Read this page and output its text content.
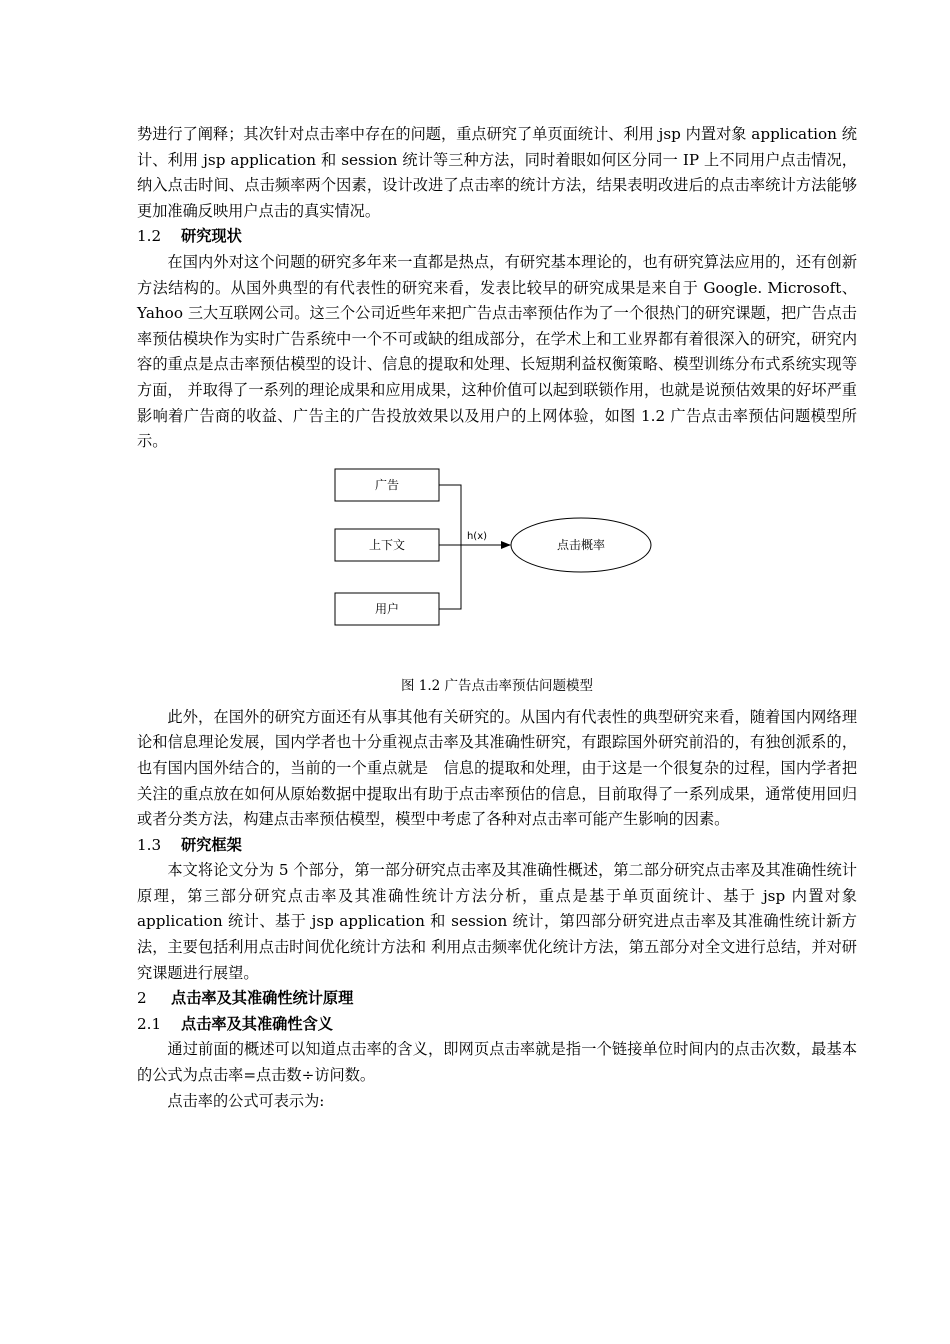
势进行了阐释；其次针对点击率中存在的问题，重点研究了单页面统计、利用 jsp 内置对象 application 统计、利用 jsp application 和 session 统计等三种方法，同时着眼如何区分同一 IP 上不同用户点击情况，纳入点击时间、点击频率两个因素，设计改进了点击率的统计方法，结果表明改进后的点击率统计方法能够更加准确反映用户点击的真实情况。

1.2 研究现状

在国内外对这个问题的研究多年来一直都是热点，有研究基本理论的，也有研究算法应用的，还有创新方法结构的。从国外典型的有代表性的研究来看，发表比较早的研究成果是来自于 Google. Microsoft、Yahoo 三大互联网公司。这三个公司近些年来把广告点击率预估作为了一个很热门的研究课题，把广告点击率预估模块作为实时广告系统中一个不可或缺的组成部分，在学术上和工业界都有着很深入的研究，研究内容的重点是点击率预估模型的设计、信息的提取和处理、长短期利益权衡策略、模型训练分布式系统实现等方面， 并取得了一系列的理论成果和应用成果，这种价值可以起到联锁作用，也就是说预估效果的好坏严重影响着广告商的收益、广告主的广告投放效果以及用户的上网体验，如图 1.2 广告点击率预估问题模型所示。

广告
上下文
用户
点击概率
h(x)

图 1.2 广告点击率预估问题模型

此外，在国外的研究方面还有从事其他有关研究的。从国内有代表性的典型研究来看，随着国内网络理论和信息理论发展，国内学者也十分重视点击率及其准确性研究，有跟踪国外研究前沿的，有独创派系的，也有国内国外结合的，当前的一个重点就是　信息的提取和处理，由于这是一个很复杂的过程，国内学者把关注的重点放在如何从原始数据中提取出有助于点击率预估的信息，目前取得了一系列成果，通常使用回归或者分类方法，构建点击率预估模型，模型中考虑了各种对点击率可能产生影响的因素。

1.3 研究框架

本文将论文分为 5 个部分，第一部分研究点击率及其准确性概述，第二部分研究点击率及其准确性统计原理，第三部分研究点击率及其准确性统计方法分析，重点是基于单页面统计、基于 jsp 内置对象 application 统计、基于 jsp application 和 session 统计，第四部分研究进点击率及其准确性统计新方法，主要包括利用点击时间优化统计方法和 利用点击频率优化统计方法，第五部分对全文进行总结，并对研究课题进行展望。

2 点击率及其准确性统计原理
2.1 点击率及其准确性含义

通过前面的概述可以知道点击率的含义，即网页点击率就是指一个链接单位时间内的点击次数，最基本的公式为点击率=点击数÷访问数。

点击率的公式可表示为:
